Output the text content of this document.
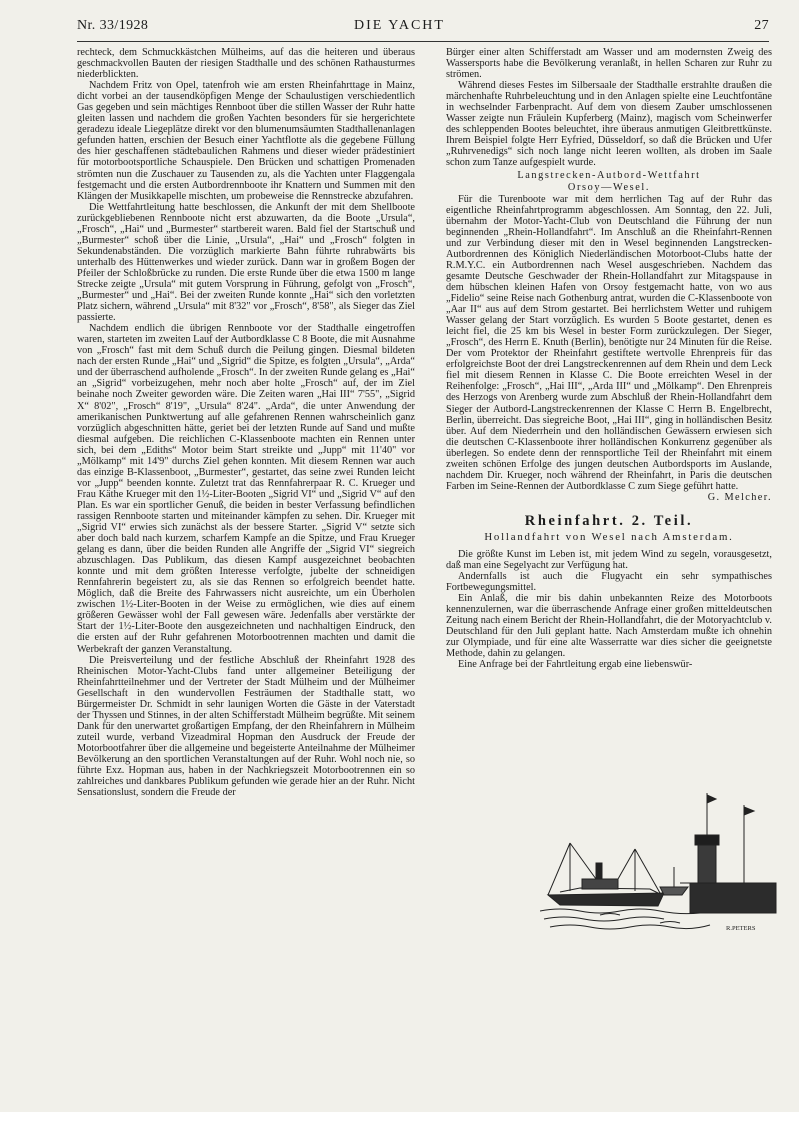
Nr. 33/1928	DIE YACHT	27

rechteck, dem Schmuckkästchen Mülheims, auf das die heiteren und überaus geschmackvollen Bauten der riesigen Stadthalle und des schönen Rathausturmes niederblickten.

Nachdem Fritz von Opel, tatenfroh wie am ersten Rheinfahrttage in Mainz, dicht vorbei an der tausendköpfigen Menge der Schaulustigen verschiedentlich Gas gegeben und sein mächtiges Rennboot über die stillen Wasser der Ruhr hatte gleiten lassen und nachdem die großen Yachten besonders für sie hergerichtete geradezu ideale Liegeplätze direkt vor den blumenumsäumten Stadthallenanlagen gefunden hatten, erschien der Besuch einer Yachtflotte als die gegebene Füllung des hier geschaffenen städtebaulichen Rahmens und dieser wieder prädestiniert für motorbootsportliche Schauspiele. Den Brücken und schattigen Promenaden strömten nun die Zuschauer zu Tausenden zu, als die Yachten unter Flaggengala festgemacht und die ersten Autbordrennboote ihr Knattern und Summen mit den Klängen der Musikkapelle mischten, um probeweise die Rennstrecke abzufahren.

Die Wettfahrtleitung hatte beschlossen, die Ankunft der mit dem Shellboote zurückgebliebenen Rennboote nicht erst abzuwarten, da die Boote „Ursula“, „Frosch“, „Hai“ und „Burmester“ startbereit waren. Bald fiel der Startschuß und „Burmester“ schoß über die Linie, „Ursula“, „Hai“ und „Frosch“ folgten in Sekundenabständen. Die vorzüglich markierte Bahn führte ruhrabwärts bis unterhalb des Hüttenwerkes und wieder zurück. Dann war in großem Bogen der Pfeiler der Schloßbrücke zu runden. Die erste Runde über die etwa 1500 m lange Strecke zeigte „Ursula“ mit gutem Vorsprung in Führung, gefolgt von „Frosch“, „Burmester“ und „Hai“. Bei der zweiten Runde konnte „Hai“ sich den vorletzten Platz sichern, während „Ursula“ mit 8'32" vor „Frosch“, 8'58", als Sieger das Ziel passierte.

Nachdem endlich die übrigen Rennboote vor der Stadthalle eingetroffen waren, starteten im zweiten Lauf der Autbordklasse C 8 Boote, die mit Ausnahme von „Frosch“ fast mit dem Schuß durch die Peilung gingen. Diesmal bildeten nach der ersten Runde „Hai“ und „Sigrid“ die Spitze, es folgten „Ursula“, „Arda“ und der überraschend aufholende „Frosch“. In der zweiten Runde gelang es „Hai“ an „Sigrid“ vorbeizugehen, mehr noch aber holte „Frosch“ auf, der im Ziel beinahe noch Zweiter geworden wäre. Die Zeiten waren „Hai III“ 7'55", „Sigrid X“ 8'02", „Frosch“ 8'19", „Ursula“ 8'24". „Arda“, die unter Anwendung der amerikanischen Punktwertung auf alle gefahrenen Rennen wahrscheinlich ganz vorzüglich abgeschnitten hätte, geriet bei der letzten Runde auf Sand und mußte diesmal aufgeben. Die reichlichen C-Klassenboote machten ein Rennen unter sich, bei dem „Ediths“ Motor beim Start streikte und „Jupp“ mit 11'40" vor „Mölkamp“ mit 14'9" durchs Ziel gehen konnten. Mit diesem Rennen war auch das einzige B-Klassenboot, „Burmester“, gestartet, das seine zwei Runden leicht vor „Jupp“ beenden konnte. Zuletzt trat das Rennfahrerpaar R. C. Krueger und Frau Käthe Krueger mit den 1½-Liter-Booten „Sigrid VI“ und „Sigrid V“ auf den Plan. Es war ein sportlicher Genuß, die beiden in bester Verfassung befindlichen rassigen Rennboote starten und miteinander kämpfen zu sehen. Dir. Krueger mit „Sigrid VI“ erwies sich zunächst als der bessere Starter. „Sigrid V“ setzte sich aber doch bald nach kurzem, scharfem Kampfe an die Spitze, und Frau Krueger gelang es dann, über die beiden Runden alle Angriffe der „Sigrid VI“ siegreich abzuschlagen. Das Publikum, das diesen Kampf ausgezeichnet beobachten konnte und mit dem größten Interesse verfolgte, jubelte der schneidigen Rennfahrerin begeistert zu, als sie das Rennen so erfolgreich beendet hatte. Möglich, daß die Breite des Fahrwassers nicht ausreichte, um ein Überholen zwischen 1½-Liter-Booten in der Weise zu ermöglichen, wie dies auf einem größeren Gewässer wohl der Fall gewesen wäre. Jedenfalls aber verstärkte der Start der 1½-Liter-Boote den ausgezeichneten und nachhaltigen Eindruck, den die ersten auf der Ruhr gefahrenen Motorbootrennen machten und damit die Werbekraft der ganzen Veranstaltung.

Die Preisverteilung und der festliche Abschluß der Rheinfahrt 1928 des Rheinischen Motor-Yacht-Clubs fand unter allgemeiner Beteiligung der Rheinfahrtteilnehmer und der Vertreter der Stadt Mülheim und der Mülheimer Gesellschaft in den wundervollen Festräumen der Stadthalle statt, wo Bürgermeister Dr. Schmidt in sehr launigen Worten die Gäste in der Vaterstadt der Thyssen und Stinnes, in der alten Schifferstadt Mülheim begrüßte. Mit seinem Dank für den unerwartet großartigen Empfang, der den Rheinfahrern in Mülheim zuteil wurde, verband Vizeadmiral Hopman den Ausdruck der Freude der Motorbootfahrer über die allgemeine und begeisterte Anteilnahme der Mülheimer Bevölkerung an den sportlichen Veranstaltungen auf der Ruhr. Wohl noch nie, so führte Exz. Hopman aus, haben in der Nachkriegszeit Motorbootrennen ein so zahlreiches und dankbares Publikum gefunden wie gerade hier an der Ruhr. Nicht Sensationslust, sondern die Freude der

Bürger einer alten Schifferstadt am Wasser und am modernsten Zweig des Wassersports habe die Bevölkerung veranlaßt, in hellen Scharen zur Ruhr zu strömen.

Während dieses Festes im Silbersaale der Stadthalle erstrahlte draußen die märchenhafte Ruhrbeleuchtung und in den Anlagen spielte eine Leuchtfontäne in wechselnder Farbenpracht. Auf dem von diesem Zauber umschlossenen Wasser zeigte nun Fräulein Kupferberg (Mainz), magisch vom Scheinwerfer des schleppenden Bootes beleuchtet, ihre überaus anmutigen Gleitbrettkünste. Ihrem Beispiel folgte Herr Eyfried, Düsseldorf, so daß die Brücken und Ufer „Ruhrvenedigs“ sich noch lange nicht leeren wollten, als droben im Saale schon zum Tanze aufgespielt wurde.

Langstrecken-Autbord-Wettfahrt

Orsoy—Wesel.

Für die Turenboote war mit dem herrlichen Tag auf der Ruhr das eigentliche Rheinfahrtprogramm abgeschlossen. Am Sonntag, den 22. Juli, übernahm der Motor-Yacht-Club von Deutschland die Führung der nun beginnenden „Rhein-Hollandfahrt“. Im Anschluß an die Rheinfahrt-Rennen und zur Verbindung dieser mit den in Wesel beginnenden Langstrecken-Autbordrennen des Königlich Niederländischen Motorboot-Clubs hatte der R.M.Y.C. ein Autbordrennen nach Wesel ausgeschrieben. Nachdem das gesamte Deutsche Geschwader der Rhein-Hollandfahrt zur Mitagspause in dem hübschen kleinen Hafen von Orsoy festgemacht hatte, von wo aus „Fidelio“ seine Reise nach Gothenburg antrat, wurden die C-Klassenboote von „Aar II“ aus auf dem Strom gestartet. Bei herrlichstem Wetter und ruhigem Wasser gelang der Start vorzüglich. Es wurden 5 Boote gestartet, denen es leicht fiel, die 25 km bis Wesel in bester Form zurückzulegen. Der Sieger, „Frosch“, des Herrn E. Knuth (Berlin), benötigte nur 24 Minuten für die Reise. Der vom Protektor der Rheinfahrt gestiftete wertvolle Ehrenpreis für das erfolgreichste Boot der drei Langstreckenrennen auf dem Rhein und dem Leck fiel mit diesem Rennen in Klasse C. Die Boote erreichten Wesel in der Reihenfolge: „Frosch“, „Hai III“, „Arda III“ und „Mölkamp“. Den Ehrenpreis des Herzogs von Arenberg wurde zum Abschluß der Rhein-Hollandfahrt dem Sieger der Autbord-Langstreckenrennen der Klasse C Herrn B. Engelbrecht, Berlin, überreicht. Das siegreiche Boot, „Hai III“, ging in holländischen Besitz über. Auf dem Niederrhein und den holländischen Gewässern erwiesen sich die deutschen C-Klassenboote ihrer holländischen Konkurrenz gegenüber als überlegen. So endete denn der rennsportliche Teil der Rheinfahrt mit einem zweiten schönen Erfolge des jungen deutschen Autbordsports im Auslande, nachdem Dir. Krueger, noch während der Rheinfahrt, in Paris die deutschen Farben im Seine-Rennen der Autbordklasse C zum Siege geführt hatte.

G. Melcher.

Rheinfahrt. 2. Teil.

Hollandfahrt von Wesel nach Amsterdam.

Die größte Kunst im Leben ist, mit jedem Wind zu segeln, vorausgesetzt, daß man eine Segelyacht zur Verfügung hat.

Andernfalls ist auch die Flugyacht ein sehr sympathisches Fortbewegungsmittel.

Ein Anlaß, die mir bis dahin unbekannten Reize des Motorboots kennenzulernen, war die überraschende Anfrage einer großen mitteldeutschen Zeitung nach einem Bericht der Rhein-Hollandfahrt, die der Motoryachtclub v. Deutschland für den Juli geplant hatte. Nach Amsterdam mußte ich ohnehin zur Olympiade, und für eine alte Wasserratte war dies sicher die geeignetste Methode, dahin zu gelangen.

Eine Anfrage bei der Fahrtleitung ergab eine liebenswür-

R.PETERS
